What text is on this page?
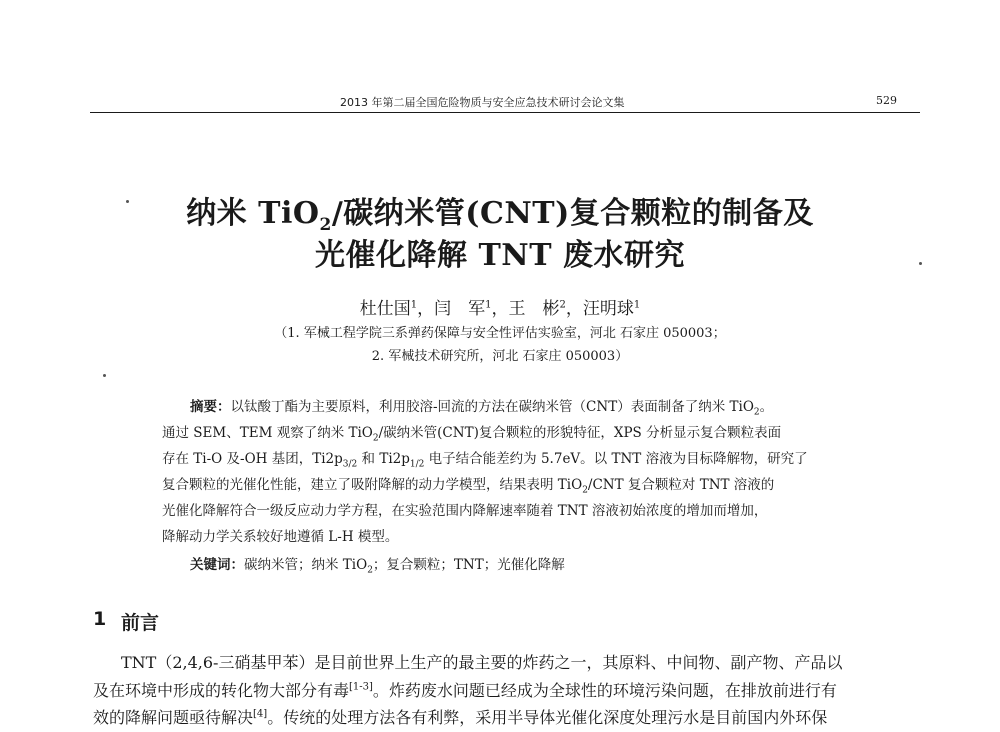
2013 年第二届全国危险物质与安全应急技术研讨会论文集	529
纳米 TiO$_2$/碳纳米管(CNT)复合颗粒的制备及
光催化降解 TNT 废水研究
杜仕国$^1$，闫　军$^1$，王　彬$^2$，汪明球$^1$
（1. 军械工程学院三系弹药保障与安全性评估实验室，河北 石家庄 050003；
2. 军械技术研究所，河北 石家庄 050003）
摘要：以钛酸丁酯为主要原料，利用胶溶-回流的方法在碳纳米管（CNT）表面制备了纳米 TiO$_2$。
通过 SEM、TEM 观察了纳米 TiO$_2$/碳纳米管(CNT)复合颗粒的形貌特征，XPS 分析显示复合颗粒表面
存在 Ti-O 及-OH 基团，$Ti2p_{3/2}$ 和 $Ti2p_{1/2}$ 电子结合能差约为 5.7eV。以 TNT 溶液为目标降解物，研究了
复合颗粒的光催化性能，建立了吸附降解的动力学模型，结果表明 TiO$_2$/CNT 复合颗粒对 TNT 溶液的
光催化降解符合一级反应动力学方程，在实验范围内降解速率随着 TNT 溶液初始浓度的增加而增加，
降解动力学关系较好地遵循 L-H 模型。
关键词：碳纳米管；纳米 TiO$_2$；复合颗粒；TNT；光催化降解
1 前言
TNT（2,4,6-三硝基甲苯）是目前世界上生产的最主要的炸药之一，其原料、中间物、副产物、产品以
及在环境中形成的转化物大部分有毒[1-3]。炸药废水问题已经成为全球性的环境污染问题，在排放前进行有
效的降解问题亟待解决[4]。传统的处理方法各有利弊，采用半导体光催化深度处理污水是目前国内外环保
